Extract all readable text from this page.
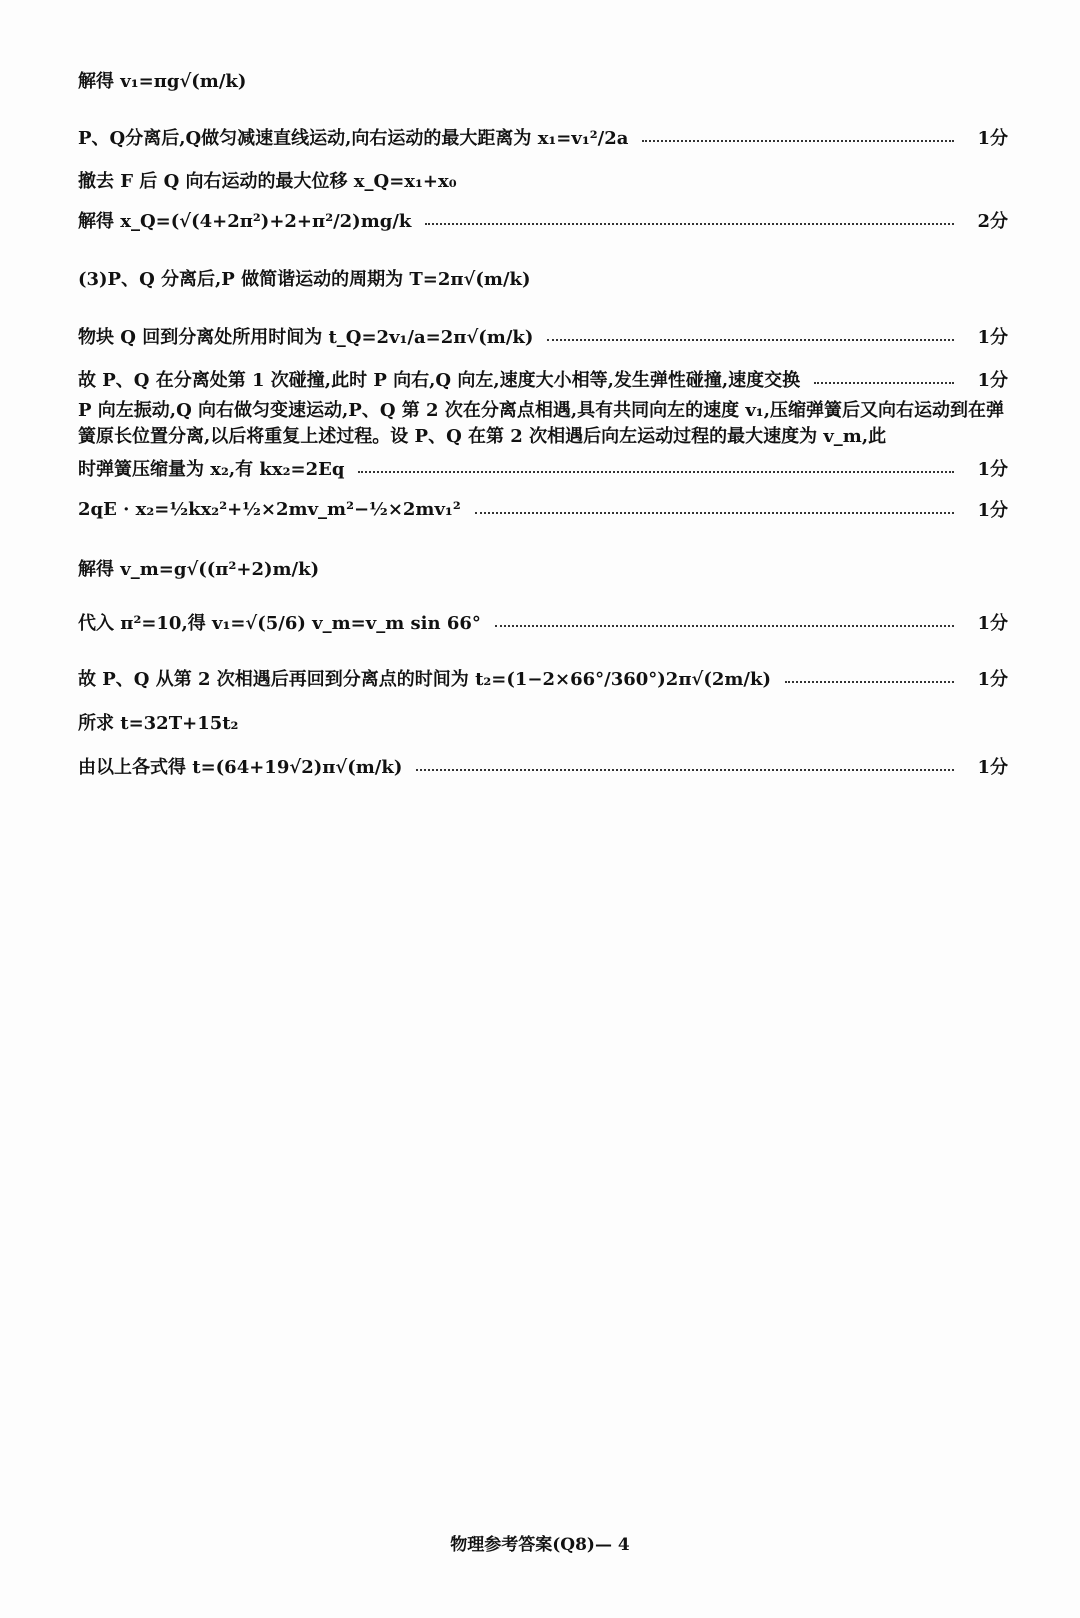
解得 v₁=πg√(m/k)
P、Q分离后,Q做匀减速直线运动,向右运动的最大距离为 x₁=v₁²/2a	1分
撤去 F 后 Q 向右运动的最大位移 x_Q=x₁+x₀
解得 x_Q=(√(4+2π²)+2+π²/2)mg/k	2分
(3)P、Q 分离后,P 做简谐运动的周期为 T=2π√(m/k)
物块 Q 回到分离处所用时间为 t_Q=2v₁/a=2π√(m/k)	1分
故 P、Q 在分离处第 1 次碰撞,此时 P 向右,Q 向左,速度大小相等,发生弹性碰撞,速度交换	1分
P 向左振动,Q 向右做匀变速运动,P、Q 第 2 次在分离点相遇,具有共同向左的速度 v₁,压缩弹簧后又向右运动到在弹簧原长位置分离,以后将重复上述过程。设 P、Q 在第 2 次相遇后向左运动过程的最大速度为 v_m,此
时弹簧压缩量为 x₂,有 kx₂=2Eq	1分
2qE · x₂=½kx₂²+½×2mv_m²−½×2mv₁²	1分
解得 v_m=g√((π²+2)m/k)
代入 π²=10,得 v₁=√(5/6) v_m=v_m sin 66°	1分
故 P、Q 从第 2 次相遇后再回到分离点的时间为 t₂=(1−2×66°/360°)2π√(2m/k)	1分
所求 t=32T+15t₂
由以上各式得 t=(64+19√2)π√(m/k)	1分
物理参考答案(Q8)— 4
